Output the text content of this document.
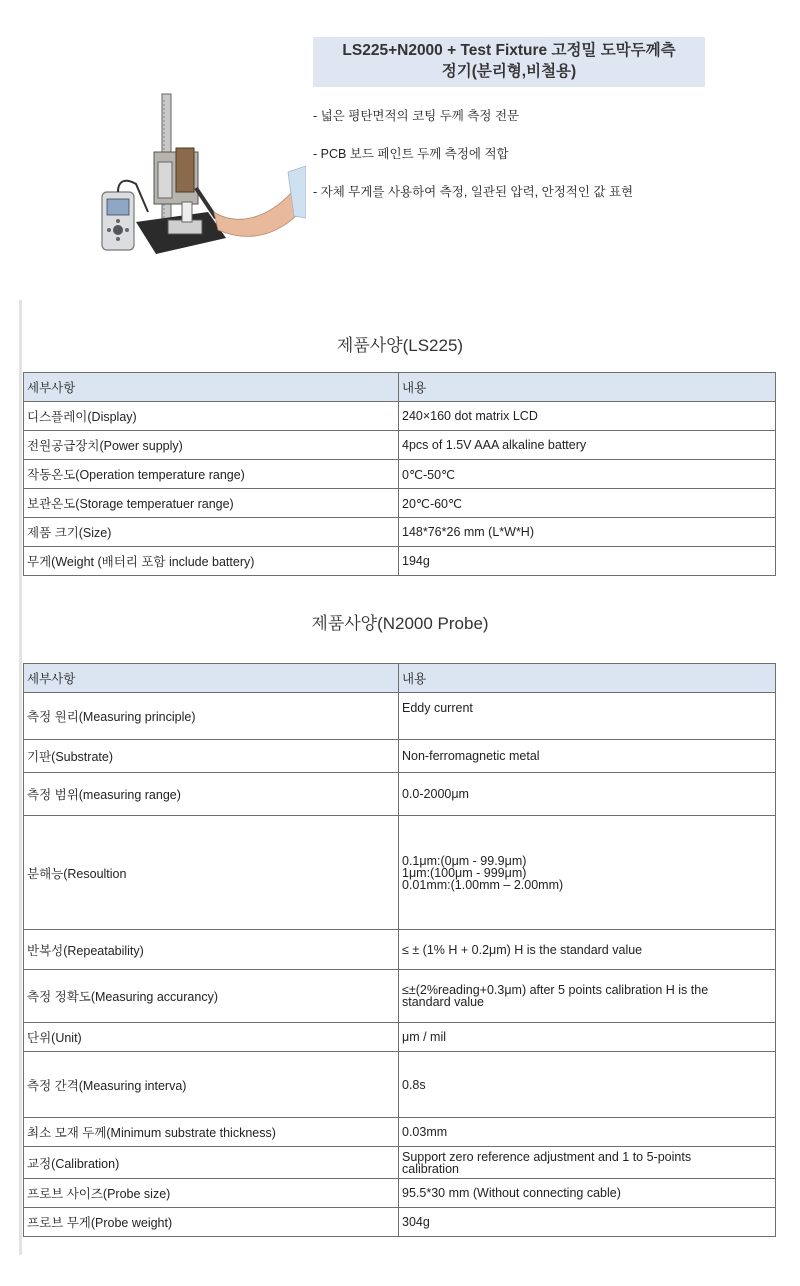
LS225+N2000 + Test Fixture 고정밀 도막두께측
정기(분리형,비철용)
- 넓은 평탄면적의 코팅 두께 측정 전문
- PCB 보드 페인트 두께 측정에 적합
- 자체 무게를 사용하여 측정, 일관된 압력, 안정적인 값 표현
제품사양(LS225)
세부사항	내용
디스플레이(Display)	240×160 dot matrix LCD
전원공급장치(Power supply)	4pcs of 1.5V AAA alkaline battery
작동온도(Operation temperature range)	0℃-50℃
보관온도(Storage temperatuer range)	20℃-60℃
제품 크기(Size)	148*76*26 mm (L*W*H)
무게(Weight (배터리 포함 include battery)	194g
제품사양(N2000 Probe)
세부사항	내용
측정 원리(Measuring principle)	Eddy current
기판(Substrate)	Non-ferromagnetic metal
측정 범위(measuring range)	0.0-2000μm
분해능(Resoultion	0.1μm:(0μm - 99.9μm)
1μm:(100μm - 999μm)
0.01mm:(1.00mm – 2.00mm)

반복성(Repeatability)	≤ ± (1% H + 0.2μm) H is the standard value
측정 정확도(Measuring accurancy)	≤±(2%reading+0.3μm) after 5 points calibration H is the
standard value

단위(Unit)	μm / mil
측정 간격(Measuring interva)	0.8s
최소 모재 두께(Minimum substrate thickness)	0.03mm
교정(Calibration)	Support zero reference adjustment and 1 to 5-points
calibration

프로브 사이즈(Probe size)	95.5*30 mm (Without connecting cable)
프로브 무게(Probe weight)	304g
